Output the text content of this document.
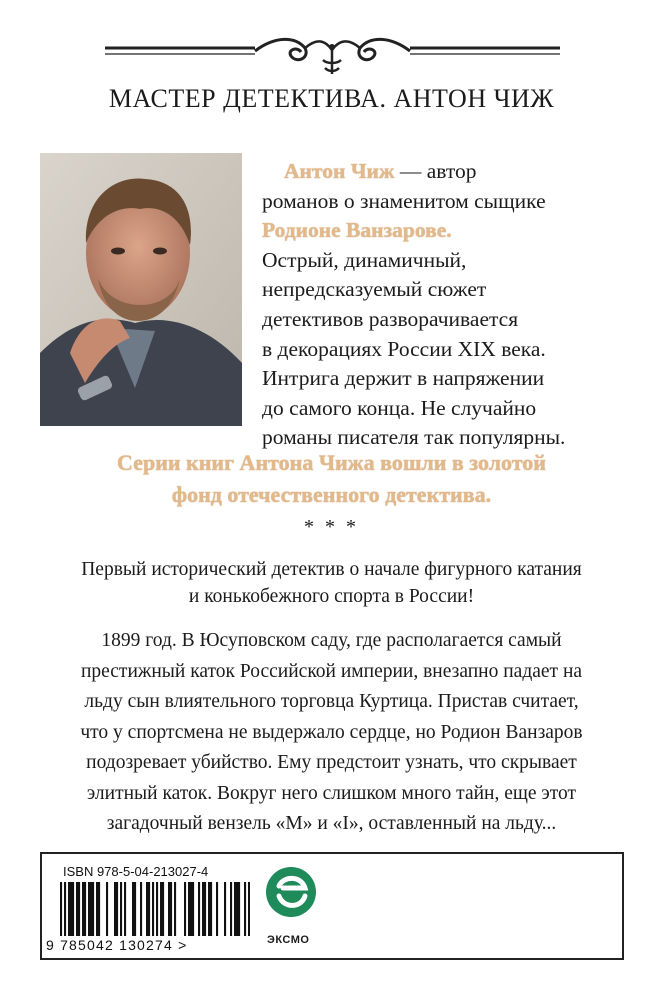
МАСТЕР ДЕТЕКТИВА. АНТОН ЧИЖ
Антон Чиж — автор
романов о знаменитом сыщике
Родионе Ванзарове.
Острый, динамичный,
непредсказуемый сюжет
детективов разворачивается
в декорациях России XIX века.
Интрига держит в напряжении
до самого конца. Не случайно
романы писателя так популярны.
Серии книг Антона Чижа вошли в золотой
фонд отечественного детектива.
* * *
Первый исторический детектив о начале фигурного катания
и конькобежного спорта в России!
1899 год. В Юсуповском саду, где располагается самый
престижный каток Российской империи, внезапно падает на
льду сын влиятельного торговца Куртица. Пристав считает,
что у спортсмена не выдержало сердце, но Родион Ванзаров
подозревает убийство. Ему предстоит узнать, что скрывает
элитный каток. Вокруг него слишком много тайн, еще этот
загадочный вензель «М» и «I», оставленный на льду...
ISBN 978-5-04-213027-4
9 785042 130274 >	ЭКСМО
